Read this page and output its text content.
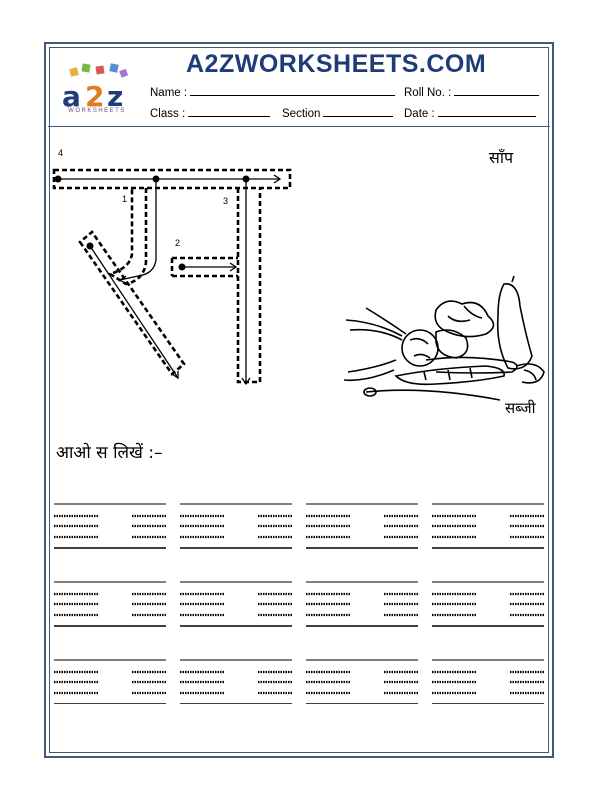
a 2 z
WORKSHEETS
A2ZWORKSHEETS.COM
Name :	Roll No. :
Class :	Section	Date :
4
1
2
3
साँप
सब्जी
आओ स लिखें :–
